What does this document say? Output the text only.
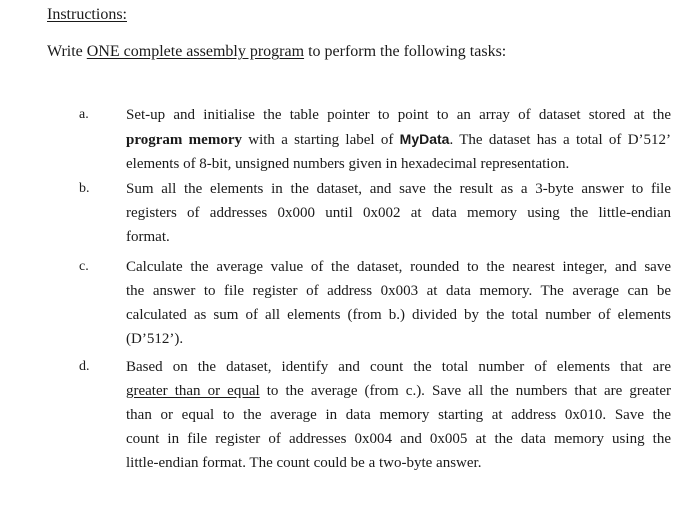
Instructions:
Write ONE complete assembly program to perform the following tasks:
a. Set-up and initialise the table pointer to point to an array of dataset stored at the
program memory with a starting label of MyData. The dataset has a total of D’512’
elements of 8-bit, unsigned numbers given in hexadecimal representation.
b. Sum all the elements in the dataset, and save the result as a 3-byte answer to file
registers of addresses 0x000 until 0x002 at data memory using the little-endian
format.
c. Calculate the average value of the dataset, rounded to the nearest integer, and save
the answer to file register of address 0x003 at data memory. The average can be
calculated as sum of all elements (from b.) divided by the total number of elements
(D’512’).
d. Based on the dataset, identify and count the total number of elements that are
greater than or equal to the average (from c.). Save all the numbers that are greater
than or equal to the average in data memory starting at address 0x010. Save the
count in file register of addresses 0x004 and 0x005 at the data memory using the
little-endian format. The count could be a two-byte answer.
